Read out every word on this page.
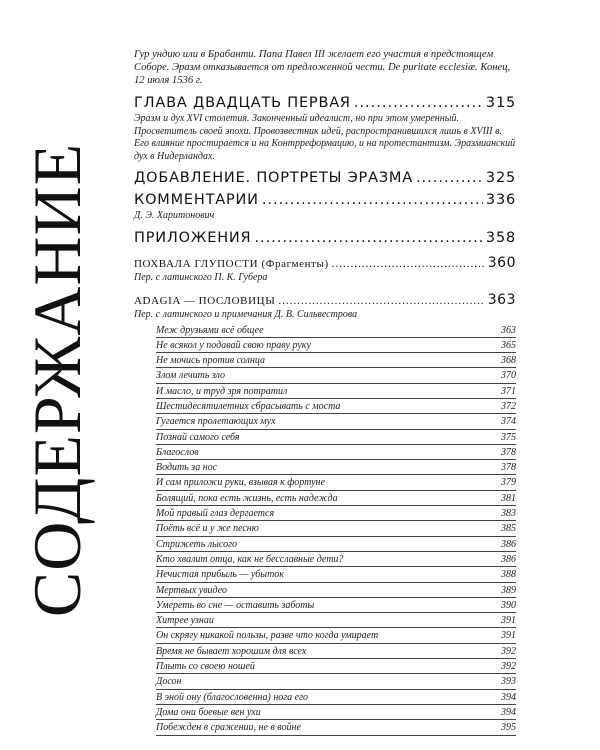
СОДЕРЖАНИЕ

Гур ундию или в Брабанти. Папа Павел III желает его участия в предстоящем Соборе. Эразм отказывается от предложенной чести. De puritate ecclesiæ. Конец, 12 июля 1536 г.

ГЛАВА ДВАДЦАТЬ ПЕРВАЯ .....	315

Эразм и дух XVI столетия. Законченный идеалист, но при этом умеренный. Просветитель своей эпохи. Провозвестник идей, распространившихся лишь в XVIII в. Его влияние простирается и на Контрреформацию, и на протестантизм. Эразмианский дух в Нидерландах.

ДОБАВЛЕНИЕ. ПОРТРЕТЫ ЭРАЗМА .....	325
КОММЕНТАРИИ .....	336

Д. Э. Харитонович

ПРИЛОЖЕНИЯ .....	358
ПОХВАЛА ГЛУПОСТИ (Фрагменты) .....	360

Пер. с латинского П. К. Губера

ADAGIA — ПОСЛОВИЦЫ .....	363

Пер. с латинского и примечания Д. В. Сильвестрова

Меж друзьями всё общее	363
Не всякол у подавай свою праву руку	365
Не мочись против солнца	368
Злом лечить зло	370
И масло, и труд зря потратил	371
Шестидесятилетних сбрасывать с моста	372
Гугается пролетающих мух	374
Познай самого себя	375
Благослов	378
Водить за нос	378
И сам приложи руки, взывая к фортуне	379
Болящий, пока есть жизнь, есть надежда	381
Мой правый глаз дергается	383
Поёть всё и у же песню	385
Стрижеть лысого	386
Кто хвалит отца, как не бесславные дети?	386
Нечистая прибыль — убыток	388
Мертвых увидео	389
Умереть во сне — оставить заботы	390
Хитрее узнаи	391
Он скрягу никакой пользы, разве что когда умирает	391
Время не бывает хорошим для всех	392
Плыть со своею ношей	392
Досон	393
В эной ону (благословенна) нога его	394
Дома они боевые вен ухи	394
Побежден в сражении, не в войне	395
